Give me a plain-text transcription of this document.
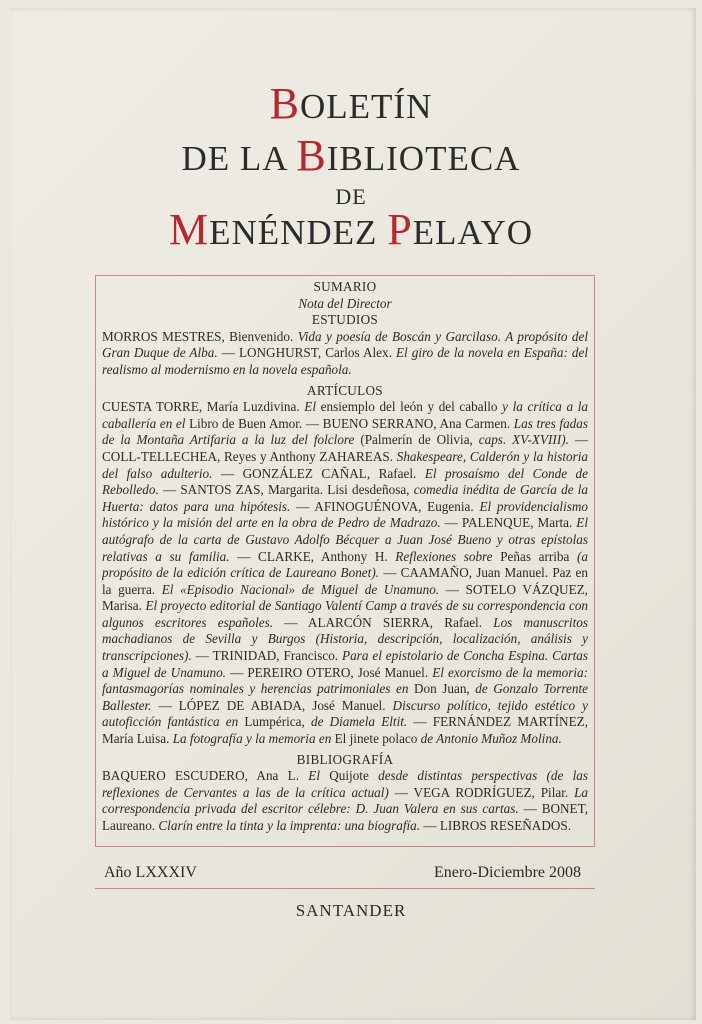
BOLETÍN
DE LA BIBLIOTECA
DE
MENÉNDEZ PELAYO
SUMARIO
Nota del Director
ESTUDIOS

MORROS MESTRES, Bienvenido. Vida y poesía de Boscán y Garcilaso. A propósito del Gran Duque de Alba. — LONGHURST, Carlos Alex. El giro de la novela en España: del realismo al modernismo en la novela española.

ARTÍCULOS

CUESTA TORRE, María Luzdivina. El ensiemplo del león y del caballo y la crítica a la caballería en el Libro de Buen Amor. — BUENO SERRANO, Ana Carmen. Las tres fadas de la Montaña Artifaria a la luz del folclore (Palmerín de Olivia, caps. XV-XVIII). — COLL-TELLECHEA, Reyes y Anthony ZAHAREAS. Shakespeare, Calderón y la historia del falso adulterio. — GONZÁLEZ CAÑAL, Rafael. El prosaísmo del Conde de Rebolledo. — SANTOS ZAS, Margarita. Lisi desdeñosa, comedia inédita de García de la Huerta: datos para una hipótesis. — AFINOGUÉNOVA, Eugenia. El providencialismo histórico y la misión del arte en la obra de Pedro de Madrazo. — PALENQUE, Marta. El autógrafo de la carta de Gustavo Adolfo Bécquer a Juan José Bueno y otras epístolas relativas a su familia. — CLARKE, Anthony H. Reflexiones sobre Peñas arriba (a propósito de la edición crítica de Laureano Bonet). — CAAMAÑO, Juan Manuel. Paz en la guerra. El «Episodio Nacional» de Miguel de Unamuno. — SOTELO VÁZQUEZ, Marisa. El proyecto editorial de Santiago Valentí Camp a través de su correspondencia con algunos escritores españoles. — ALARCÓN SIERRA, Rafael. Los manuscritos machadianos de Sevilla y Burgos (Historia, descripción, localización, análisis y transcripciones). — TRINIDAD, Francisco. Para el epistolario de Concha Espina. Cartas a Miguel de Unamuno. — PEREIRO OTERO, José Manuel. El exorcismo de la memoria: fantasmagorías nominales y herencias patrimoniales en Don Juan, de Gonzalo Torrente Ballester. — LÓPEZ DE ABIADA, José Manuel. Discurso político, tejido estético y autoficción fantástica en Lumpérica, de Diamela Eltit. — FERNÁNDEZ MARTÍNEZ, María Luisa. La fotografía y la memoria en El jinete polaco de Antonio Muñoz Molina.

BIBLIOGRAFÍA

BAQUERO ESCUDERO, Ana L. El Quijote desde distintas perspectivas (de las reflexiones de Cervantes a las de la crítica actual) — VEGA RODRÍGUEZ, Pilar. La correspondencia privada del escritor célebre: D. Juan Valera en sus cartas. — BONET, Laureano. Clarín entre la tinta y la imprenta: una biografía. — LIBROS RESEÑADOS.

Año LXXXIV	Enero-Diciembre 2008
SANTANDER
